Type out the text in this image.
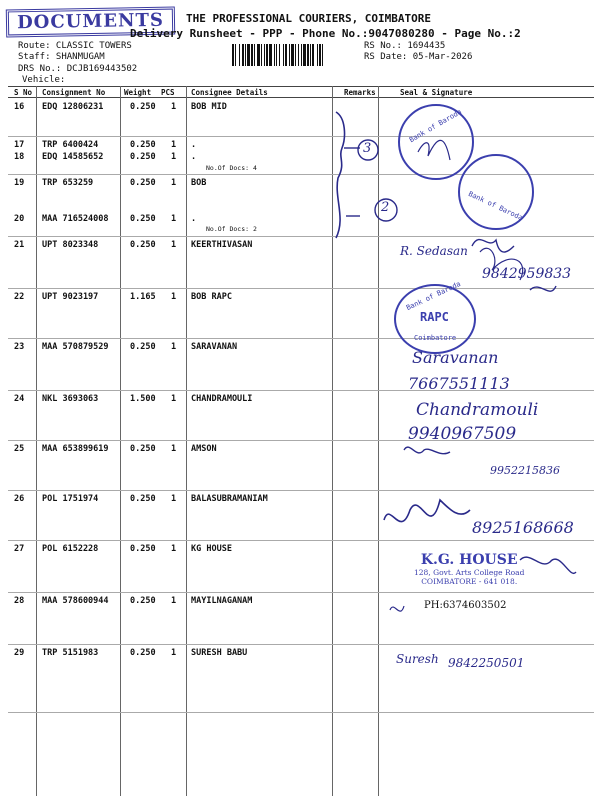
DOCUMENTS	THE PROFESSIONAL COURIERS, COIMBATORE
Delivery Runsheet - PPP - Phone No.:9047080280 - Page No.:2
Route: CLASSIC TOWERS
Staff: SHANMUGAM
DRS No.: DCJB169443502
Vehicle:
RS No.: 1694435
RS Date: 05-Mar-2026
S No Consignment No	Weight PCS Consignee Details	Remarks	Seal & Signature
16 EDQ 12806231	0.250 1 BOB MID
17 TRP 6400424	0.250 1 .
18 EDQ 14585652	0.250 1 .
19 TRP 653259	0.250 1 BOB
20 MAA 716524008	0.250 1 .
21 UPT 8023348	0.250 1 KEERTHIVASAN
22 UPT 9023197	1.165 1 BOB RAPC
23 MAA 570879529	0.250 1 SARAVANAN
24 NKL 3693063	1.500 1 CHANDRAMOULI
25 MAA 653899619	0.250 1 AMSON
26 POL 1751974	0.250 1 BALASUBRAMANIAM
27 POL 6152228	0.250 1 KG HOUSE
28 MAA 578600944	0.250 1 MAYILNAGANAM
29 TRP 5151983	0.250 1 SURESH BABU
No.Of Docs: 4
No.Of Docs: 2
3
2
Bank of Baroda
Bank of Baroda
Bank of Baroda
RAPC
Coimbatore
K.G. HOUSE
128, Govt. Arts College Road
COIMBATORE - 641 018.
R. Sedasan
9842959833
Saravanan
7667551113
Chandramouli
9940967509
9952215836
8925168668
PH:6374603502
Suresh 9842250501
